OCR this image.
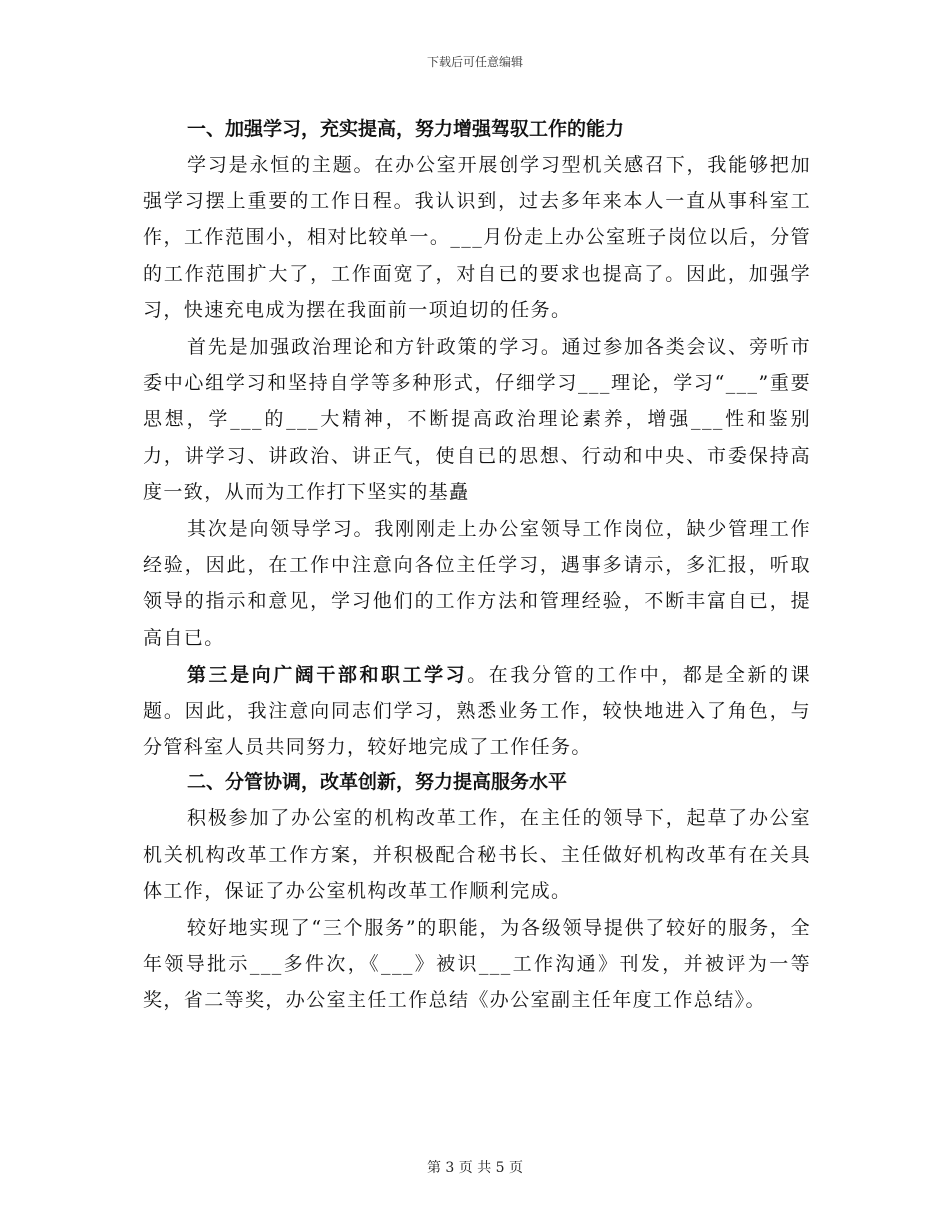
下载后可任意编辑

一、加强学习，充实提高，努力增强驾驭工作的能力

学习是永恒的主题。在办公室开展创学习型机关感召下，我能够把加强学习摆上重要的工作日程。我认识到，过去多年来本人一直从事科室工作，工作范围小，相对比较单一。___月份走上办公室班子岗位以后，分管的工作范围扩大了，工作面宽了，对自已的要求也提高了。因此，加强学习，快速充电成为摆在我面前一项迫切的任务。

首先是加强政治理论和方针政策的学习。通过参加各类会议、旁听市委中心组学习和坚持自学等多种形式，仔细学习___理论，学习“___”重要思想，学___的___大精神，不断提高政治理论素养，增强___性和鉴别力，讲学习、讲政治、讲正气，使自已的思想、行动和中央、市委保持高度一致，从而为工作打下坚实的基矗

其次是向领导学习。我刚刚走上办公室领导工作岗位，缺少管理工作经验，因此，在工作中注意向各位主任学习，遇事多请示，多汇报，听取领导的指示和意见，学习他们的工作方法和管理经验，不断丰富自已，提高自已。

第三是向广阔干部和职工学习。在我分管的工作中，都是全新的课题。因此，我注意向同志们学习，熟悉业务工作，较快地进入了角色，与分管科室人员共同努力，较好地完成了工作任务。

二、分管协调，改革创新，努力提高服务水平

积极参加了办公室的机构改革工作，在主任的领导下，起草了办公室机关机构改革工作方案，并积极配合秘书长、主任做好机构改革有在关具体工作，保证了办公室机构改革工作顺利完成。

较好地实现了“三个服务”的职能，为各级领导提供了较好的服务，全年领导批示___多件次，《___》被识___工作沟通》刊发，并被评为一等奖，省二等奖，办公室主任工作总结《办公室副主任年度工作总结》。

第 3 页 共 5 页
